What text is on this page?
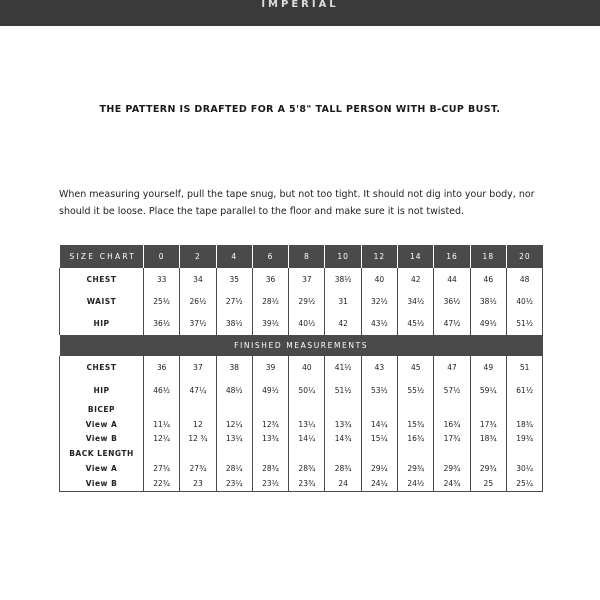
IMPERIAL
THE PATTERN IS DRAFTED FOR A 5'8" TALL PERSON WITH B-CUP BUST.
When measuring yourself, pull the tape snug, but not too tight. It should not dig into your body, nor should it be loose. Place the tape parallel to the floor and make sure it is not twisted.
SIZE CHART	0	2	4	6	8	10	12	14	16	18	20
CHEST	33	34	35	36	37	38½	40	42	44	46	48
WAIST	25½	26½	27½	28½	29½	31	32½	34½	36½	38½	40½
HIP	36½	37½	38½	39½	40½	42	43½	45½	47½	49½	51½
FINISHED MEASUREMENTS											
CHEST	36	37	38	39	40	41½	43	45	47	49	51
HIP	46½	47¼	48½	49½	50¼	51½	53½	55½	57½	59¼	61½
BICEP											
View A	11¼	12	12¼	12¾	13¼	13¾	14¼	15¾	16¾	17¾	18¾
View B	12¼	12 ¾	13¼	13¾	14¼	14¾	15¼	16¾	17¾	18¾	19¾
BACK LENGTH											
View A	27¾	27¾	28¼	28¾	28¾	28¾	29¼	29¾	29¾	29¾	30¼
View B	22¾	23	23¼	23½	23¾	24	24¼	24½	24¾	25	25¼
